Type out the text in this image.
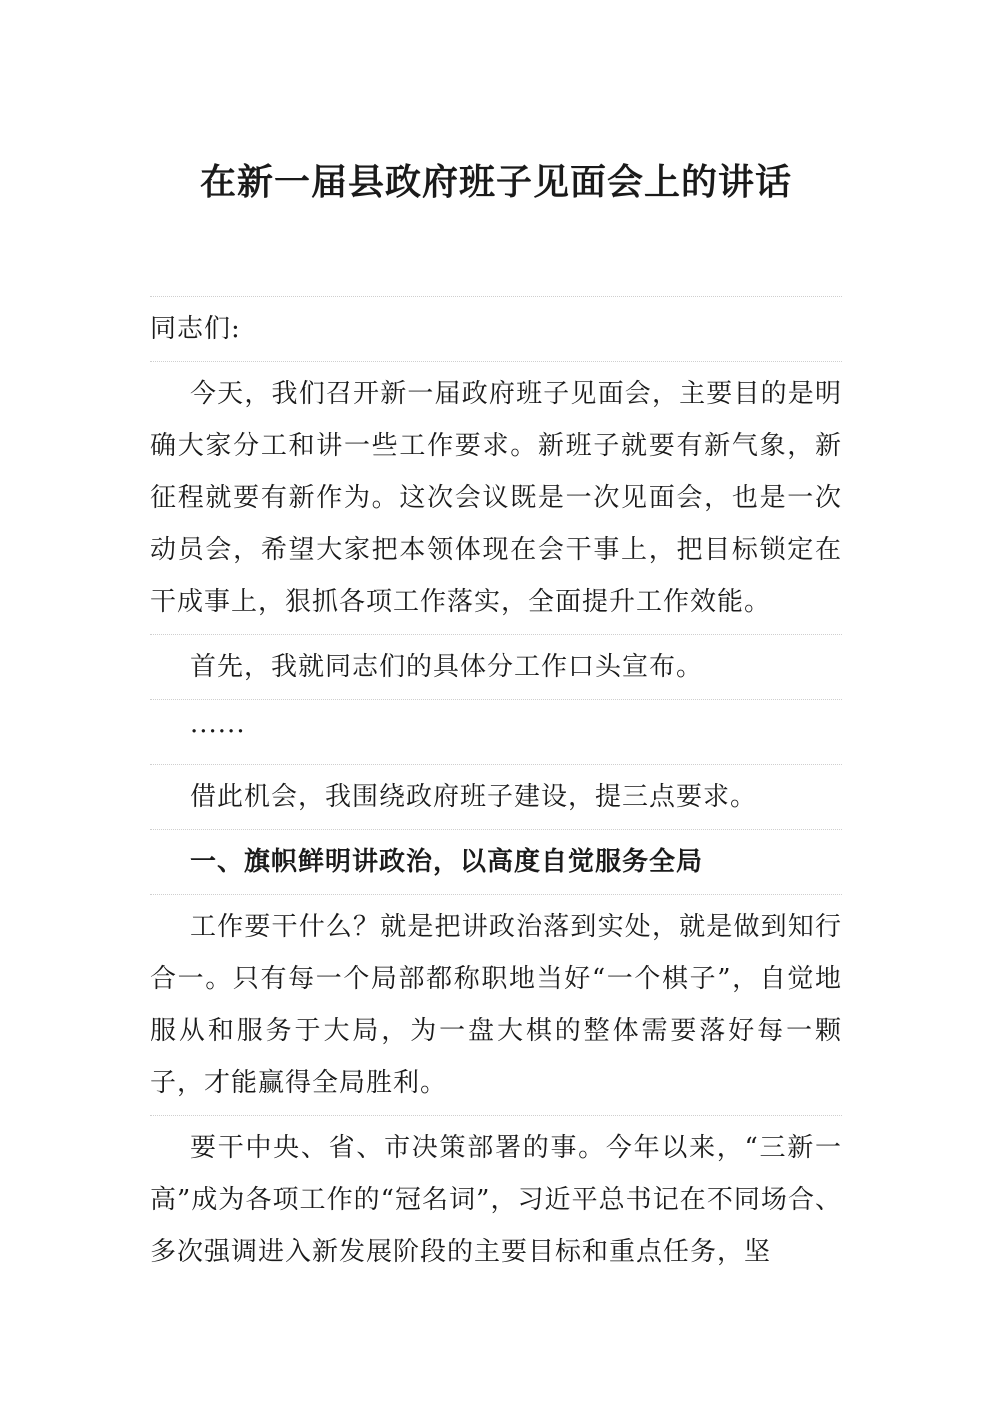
在新一届县政府班子见面会上的讲话

同志们:

今天，我们召开新一届政府班子见面会，主要目的是明确大家分工和讲一些工作要求。新班子就要有新气象，新征程就要有新作为。这次会议既是一次见面会，也是一次动员会，希望大家把本领体现在会干事上，把目标锁定在干成事上，狠抓各项工作落实，全面提升工作效能。

首先，我就同志们的具体分工作口头宣布。

······

借此机会，我围绕政府班子建设，提三点要求。

一、旗帜鲜明讲政治，以高度自觉服务全局

工作要干什么？就是把讲政治落到实处，就是做到知行合一。只有每一个局部都称职地当好“一个棋子”，自觉地服从和服务于大局，为一盘大棋的整体需要落好每一颗子，才能赢得全局胜利。

要干中央、省、市决策部署的事。今年以来，“三新一高”成为各项工作的“冠名词”，习近平总书记在不同场合、多次强调进入新发展阶段的主要目标和重点任务，坚
